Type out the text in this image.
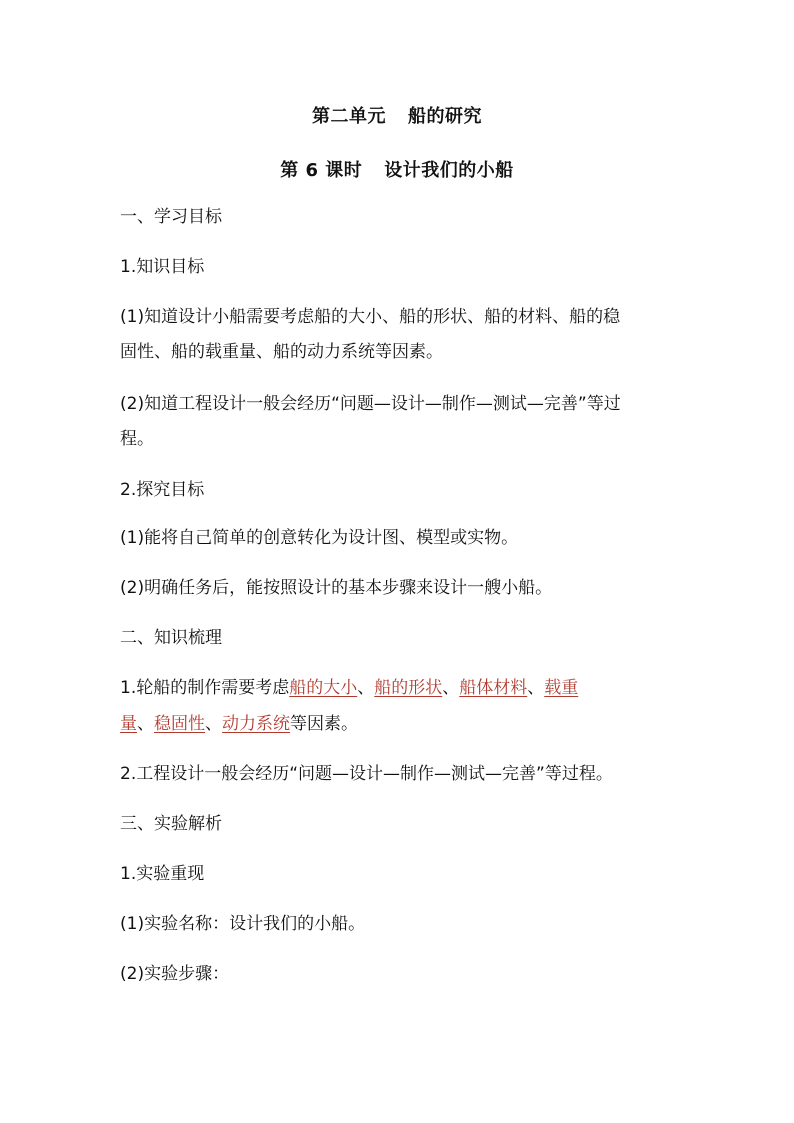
第二单元 船的研究
第 6 课时 设计我们的小船
一、学习目标
1.知识目标
(1)知道设计小船需要考虑船的大小、船的形状、船的材料、船的稳
固性、船的载重量、船的动力系统等因素。
(2)知道工程设计一般会经历“问题—设计—制作—测试—完善”等过
程。
2.探究目标
(1)能将自己简单的创意转化为设计图、模型或实物。
(2)明确任务后，能按照设计的基本步骤来设计一艘小船。
二、知识梳理
1.轮船的制作需要考虑船的大小、船的形状、船体材料、载重
量、稳固性、动力系统等因素。
2.工程设计一般会经历“问题—设计—制作—测试—完善”等过程。
三、实验解析
1.实验重现
(1)实验名称：设计我们的小船。
(2)实验步骤：
